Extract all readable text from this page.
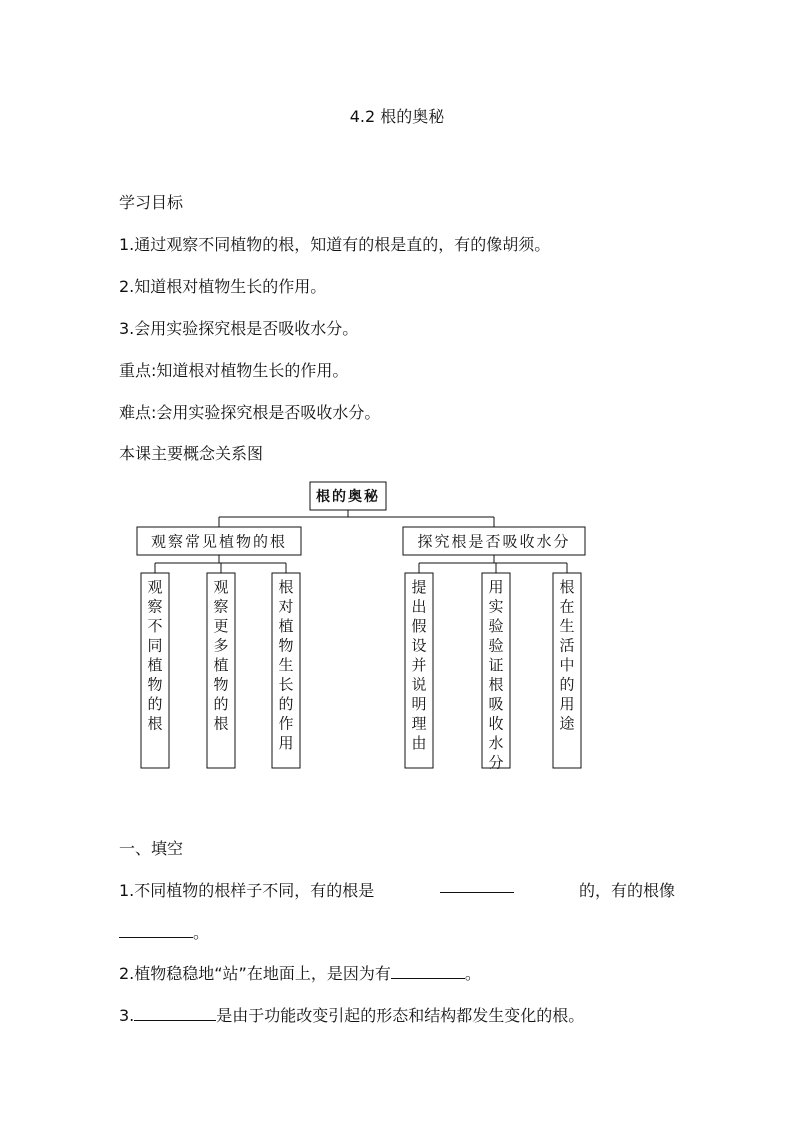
4.2 根的奥秘
学习目标
1.通过观察不同植物的根，知道有的根是直的，有的像胡须。
2.知道根对植物生长的作用。
3.会用实验探究根是否吸收水分。
重点:知道根对植物生长的作用。
难点:会用实验探究根是否吸收水分。
本课主要概念关系图
根的奥秘
观察常见植物的根
观
察
不
同
植
物
的
根
观
察
更
多
植
物
的
根
根
对
植
物
生
长
的
作
用
探究根是否吸收水分
提
出
假
设
并
说
明
理
由
用
实
验
验
证
根
吸
收
水
分
根
在
生
活
中
的
用
途
一、填空
1.不同植物的根样子不同，有的根是	的，有的根像
。
2.植物稳稳地“站”在地面上，是因为有	。
3.	是由于功能改变引起的形态和结构都发生变化的根。
